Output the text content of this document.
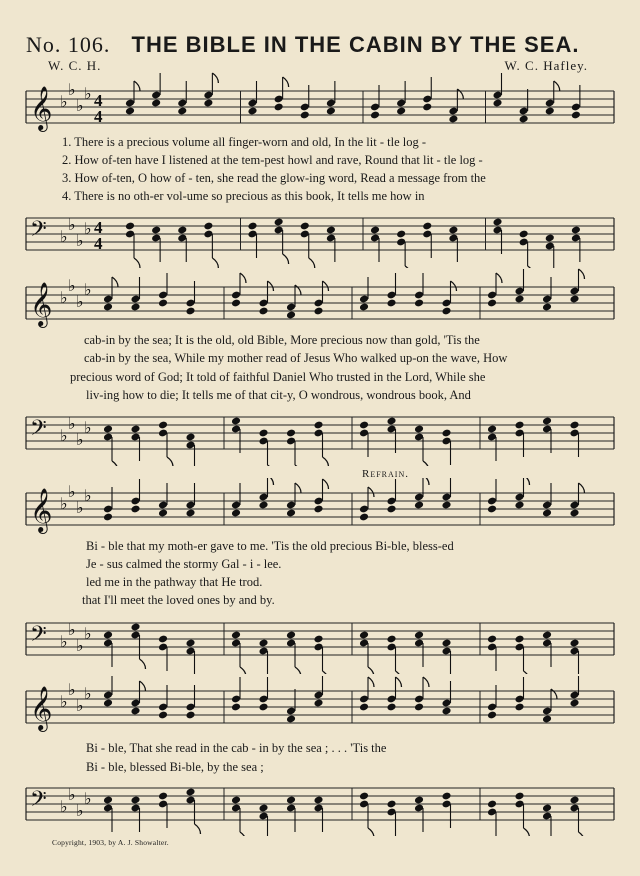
No. 106. THE BIBLE IN THE CABIN BY THE SEA.
W. C. H.	W. C. Hafley.
𝄞 ♭
♭
♭
♭ 4
4
1. There is a precious volume all finger-worn and old, In the lit - tle log -
2. How of-ten have I listened at the tem-pest howl and rave, Round that lit - tle log -
3. How of-ten, O how of - ten, she read the glow-ing word, Read a message from the
4. There is no oth-er vol-ume so precious as this book, It tells me how in
𝄢 ♭
♭
♭
♭ 4
4
𝄞 ♭
♭
♭
♭
cab-in by the sea; It is the old, old Bible, More precious now than gold, 'Tis the
cab-in by the sea, While my mother read of Jesus Who walked up-on the wave, How
precious word of God; It told of faithful Daniel Who trusted in the Lord, While she
liv-ing how to die; It tells me of that cit-y, O wondrous, wondrous book, And
𝄢 ♭
♭
♭
♭
Refrain.
𝄞 ♭
♭
♭
♭
Bi - ble that my moth-er gave to me. 'Tis the old precious Bi-ble, bless-ed
Je - sus calmed the stormy Gal - i - lee.
led me in the pathway that He trod.
that I'll meet the loved ones by and by.
𝄢 ♭
♭
♭
♭
𝄞 ♭
♭
♭
♭
Bi - ble, That she read in the cab - in by the sea ; . . . 'Tis the
Bi - ble, blessed Bi-ble, by the sea ;
𝄢 ♭
♭
♭
♭
Copyright, 1903, by A. J. Showalter.
